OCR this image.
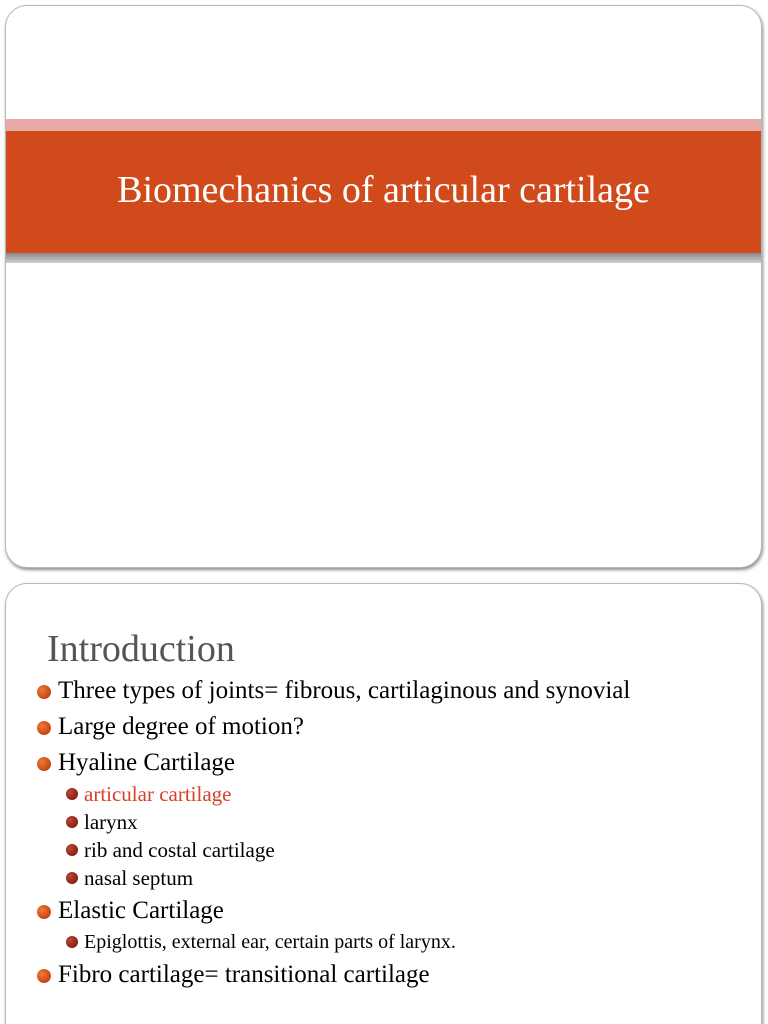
Biomechanics of articular cartilage
Introduction
Three types of joints= fibrous, cartilaginous and synovial
Large degree of motion?
Hyaline Cartilage
articular cartilage
larynx
rib and costal cartilage
nasal septum
Elastic Cartilage
Epiglottis, external ear, certain parts of larynx.
Fibro cartilage= transitional cartilage
